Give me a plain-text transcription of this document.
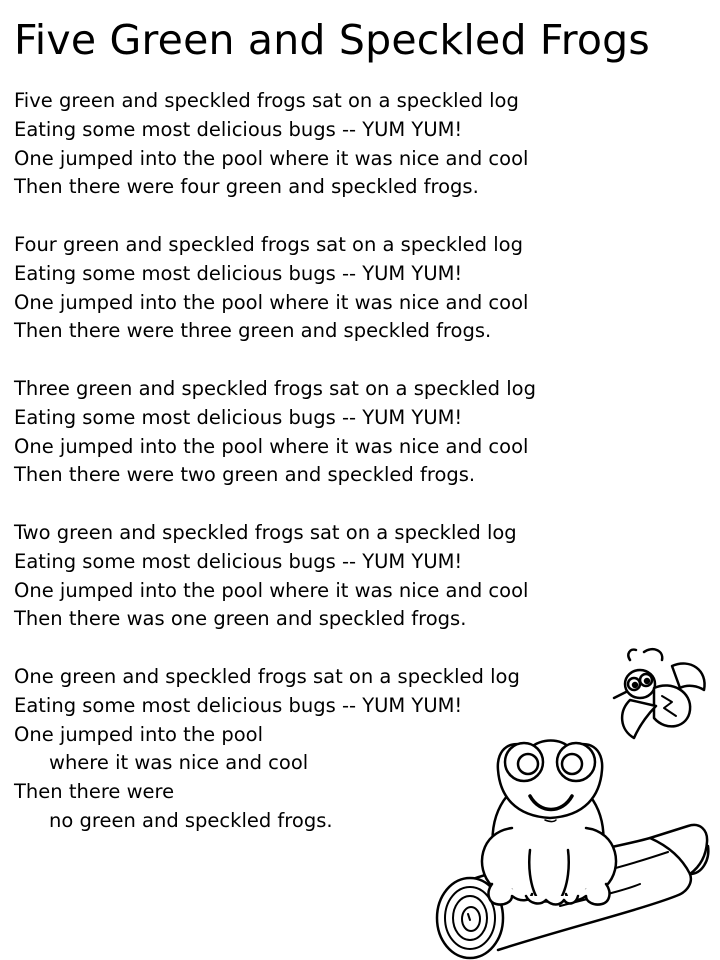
Five Green and Speckled Frogs
Five green and speckled frogs sat on a speckled log
Eating some most delicious bugs -- YUM YUM!
One jumped into the pool where it was nice and cool
Then there were four green and speckled frogs.
Four green and speckled frogs sat on a speckled log
Eating some most delicious bugs -- YUM YUM!
One jumped into the pool where it was nice and cool
Then there were three green and speckled frogs.
Three green and speckled frogs sat on a speckled log
Eating some most delicious bugs -- YUM YUM!
One jumped into the pool where it was nice and cool
Then there were two green and speckled frogs.
Two green and speckled frogs sat on a speckled log
Eating some most delicious bugs -- YUM YUM!
One jumped into the pool where it was nice and cool
Then there was one green and speckled frogs.
One green and speckled frogs sat on a speckled log
Eating some most delicious bugs -- YUM YUM!
One jumped into the pool
where it was nice and cool
Then there were
no green and speckled frogs.
